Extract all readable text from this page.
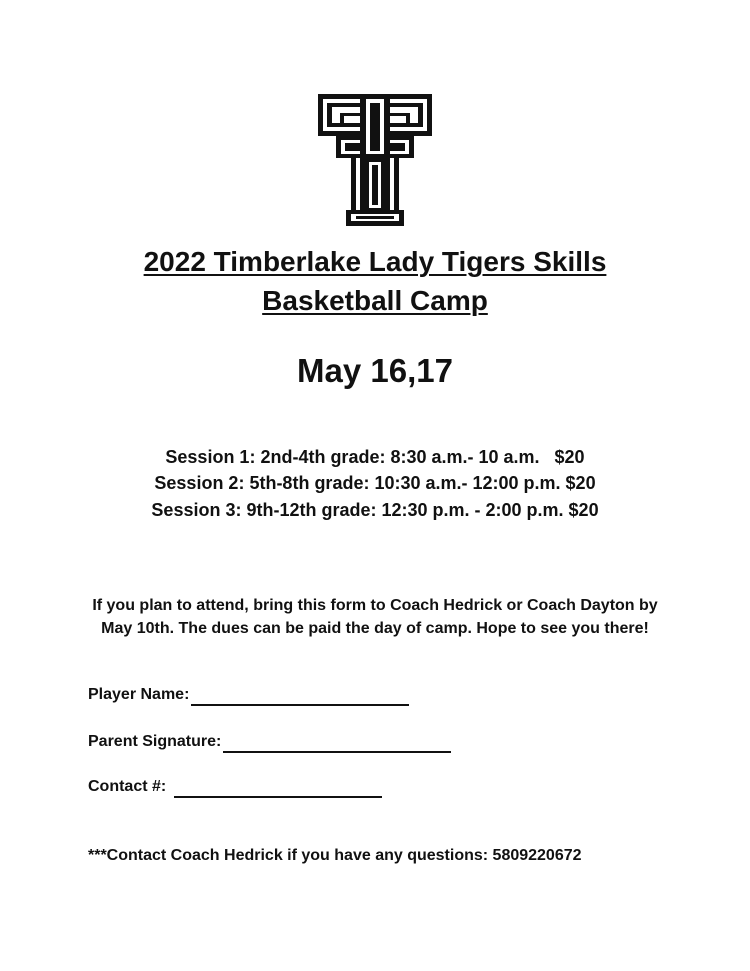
2022 Timberlake Lady Tigers Skills
Basketball Camp
May 16,17
Session 1: 2nd-4th grade: 8:30 a.m.- 10 a.m.   $20
Session 2: 5th-8th grade: 10:30 a.m.- 12:00 p.m. $20
Session 3: 9th-12th grade: 12:30 p.m. - 2:00 p.m. $20
If you plan to attend, bring this form to Coach Hedrick or Coach Dayton by May 10th. The dues can be paid the day of camp. Hope to see you there!
Player Name:
Parent Signature:
Contact #:
***Contact Coach Hedrick if you have any questions: 5809220672
